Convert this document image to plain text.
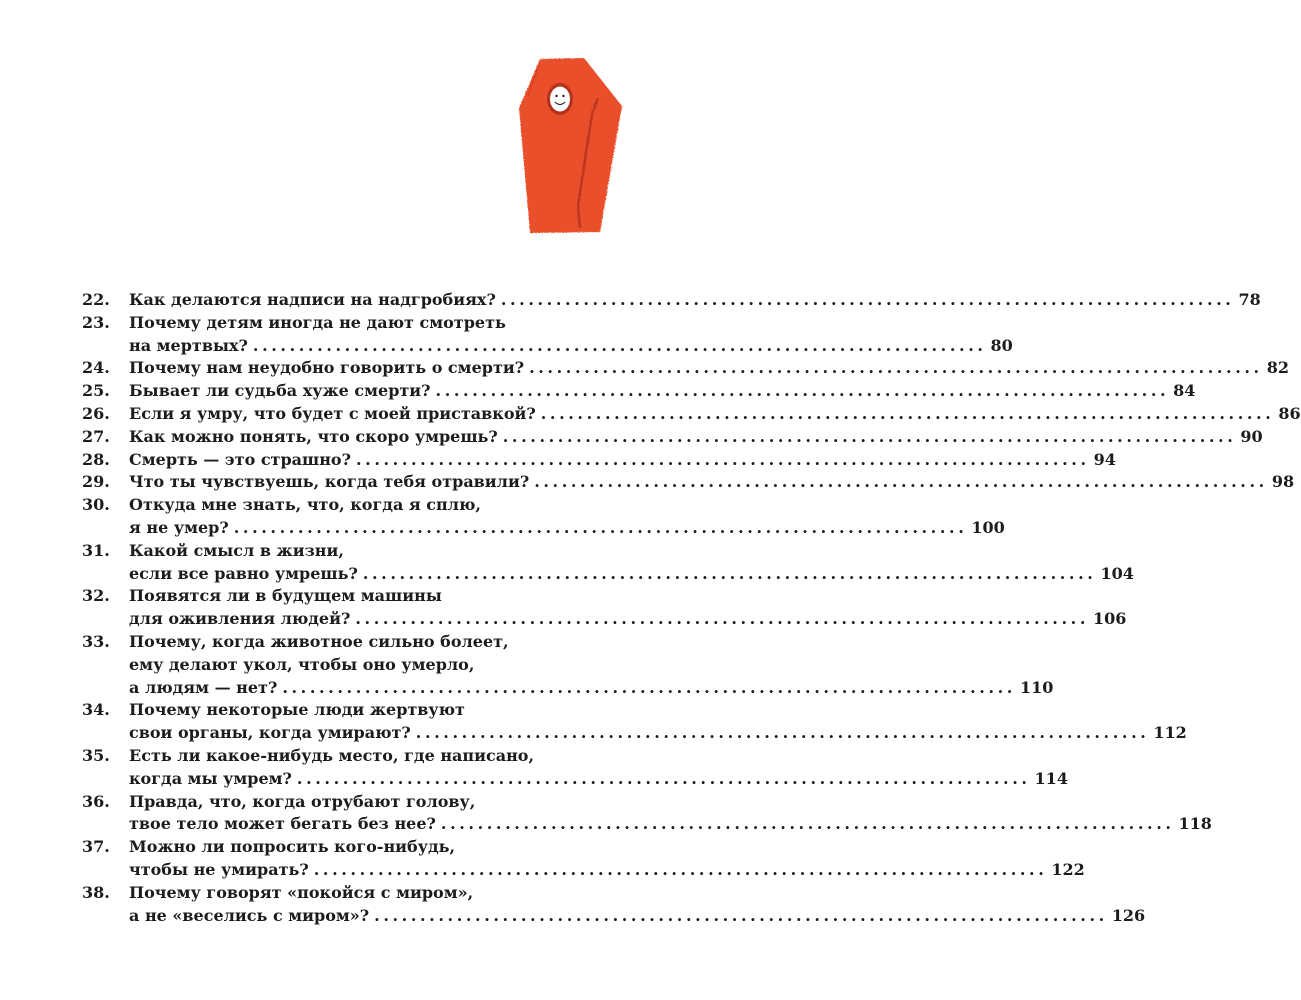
22.	Как делаются надписи на надгробиях? ................................................................................ 78
23.	Почему детям иногда не дают смотреть
на мертвых? ................................................................................ 80
24.	Почему нам неудобно говорить о смерти? ................................................................................ 82
25.	Бывает ли судьба хуже смерти? ................................................................................ 84
26.	Если я умру, что будет с моей приставкой? ................................................................................ 86
27.	Как можно понять, что скоро умрешь? ................................................................................ 90
28.	Смерть — это страшно? ................................................................................ 94
29.	Что ты чувствуешь, когда тебя отравили? ................................................................................ 98
30.	Откуда мне знать, что, когда я сплю,
я не умер? ................................................................................ 100
31.	Какой смысл в жизни,
если все равно умрешь? ................................................................................ 104
32.	Появятся ли в будущем машины
для оживления людей? ................................................................................ 106
33.	Почему, когда животное сильно болеет,
ему делают укол, чтобы оно умерло,
а людям — нет? ................................................................................ 110
34.	Почему некоторые люди жертвуют
свои органы, когда умирают? ................................................................................ 112
35.	Есть ли какое-нибудь место, где написано,
когда мы умрем? ................................................................................ 114
36.	Правда, что, когда отрубают голову,
твое тело может бегать без нее? ................................................................................ 118
37.	Можно ли попросить кого-нибудь,
чтобы не умирать? ................................................................................ 122
38.	Почему говорят «покойся с миром»,
а не «веселись с миром»? ................................................................................ 126
